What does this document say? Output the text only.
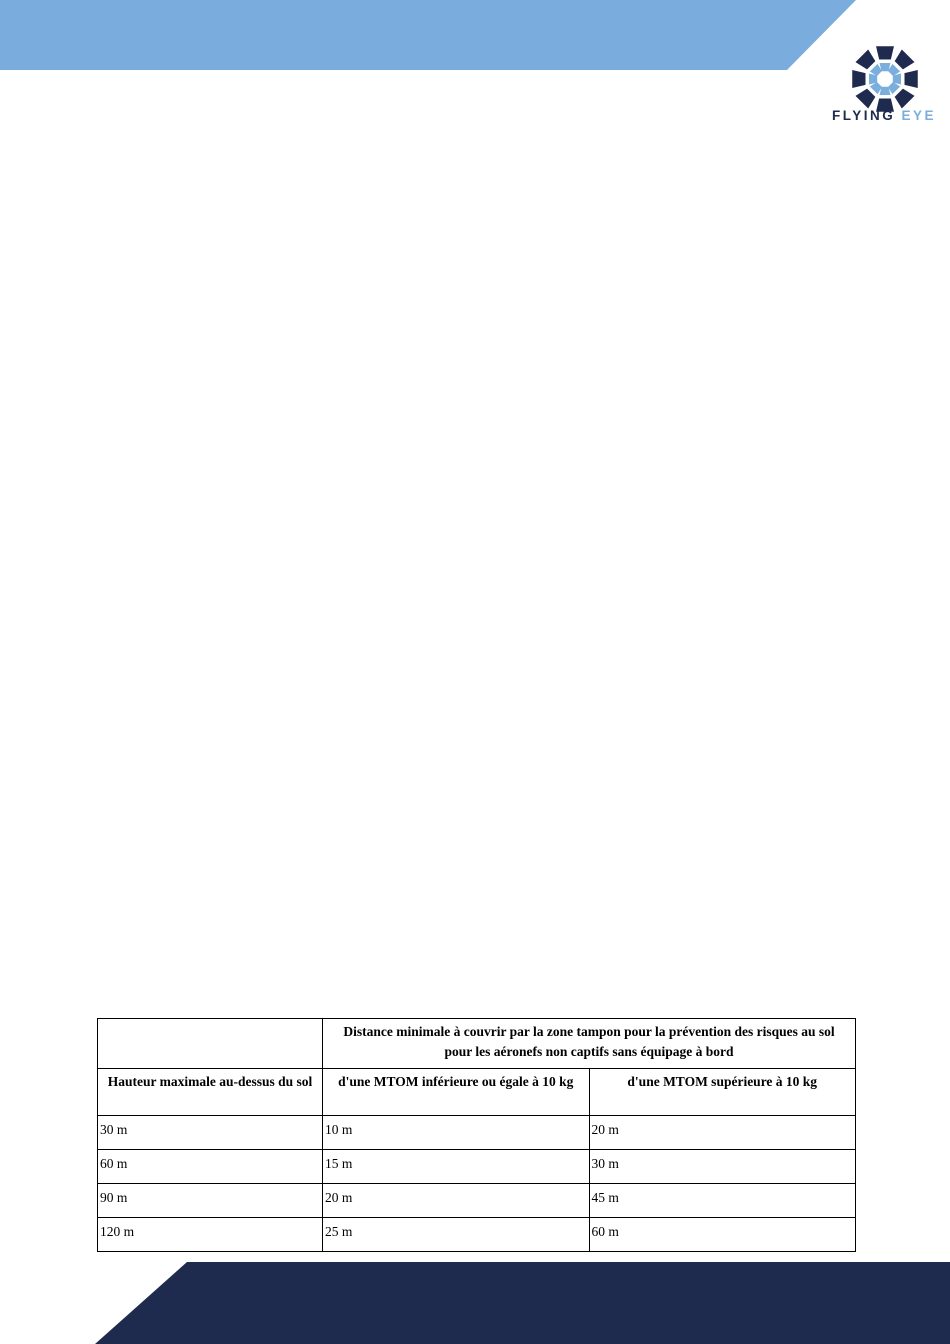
FLYING EYE
	Distance minimale à couvrir par la zone tampon pour la prévention des risques au sol pour les aéronefs non captifs sans équipage à bord	
Hauteur maximale au-dessus du sol	d'une MTOM inférieure ou égale à 10 kg	d'une MTOM supérieure à 10 kg
30 m	10 m	20 m
60 m	15 m	30 m
90 m	20 m	45 m
120 m	25 m	60 m
